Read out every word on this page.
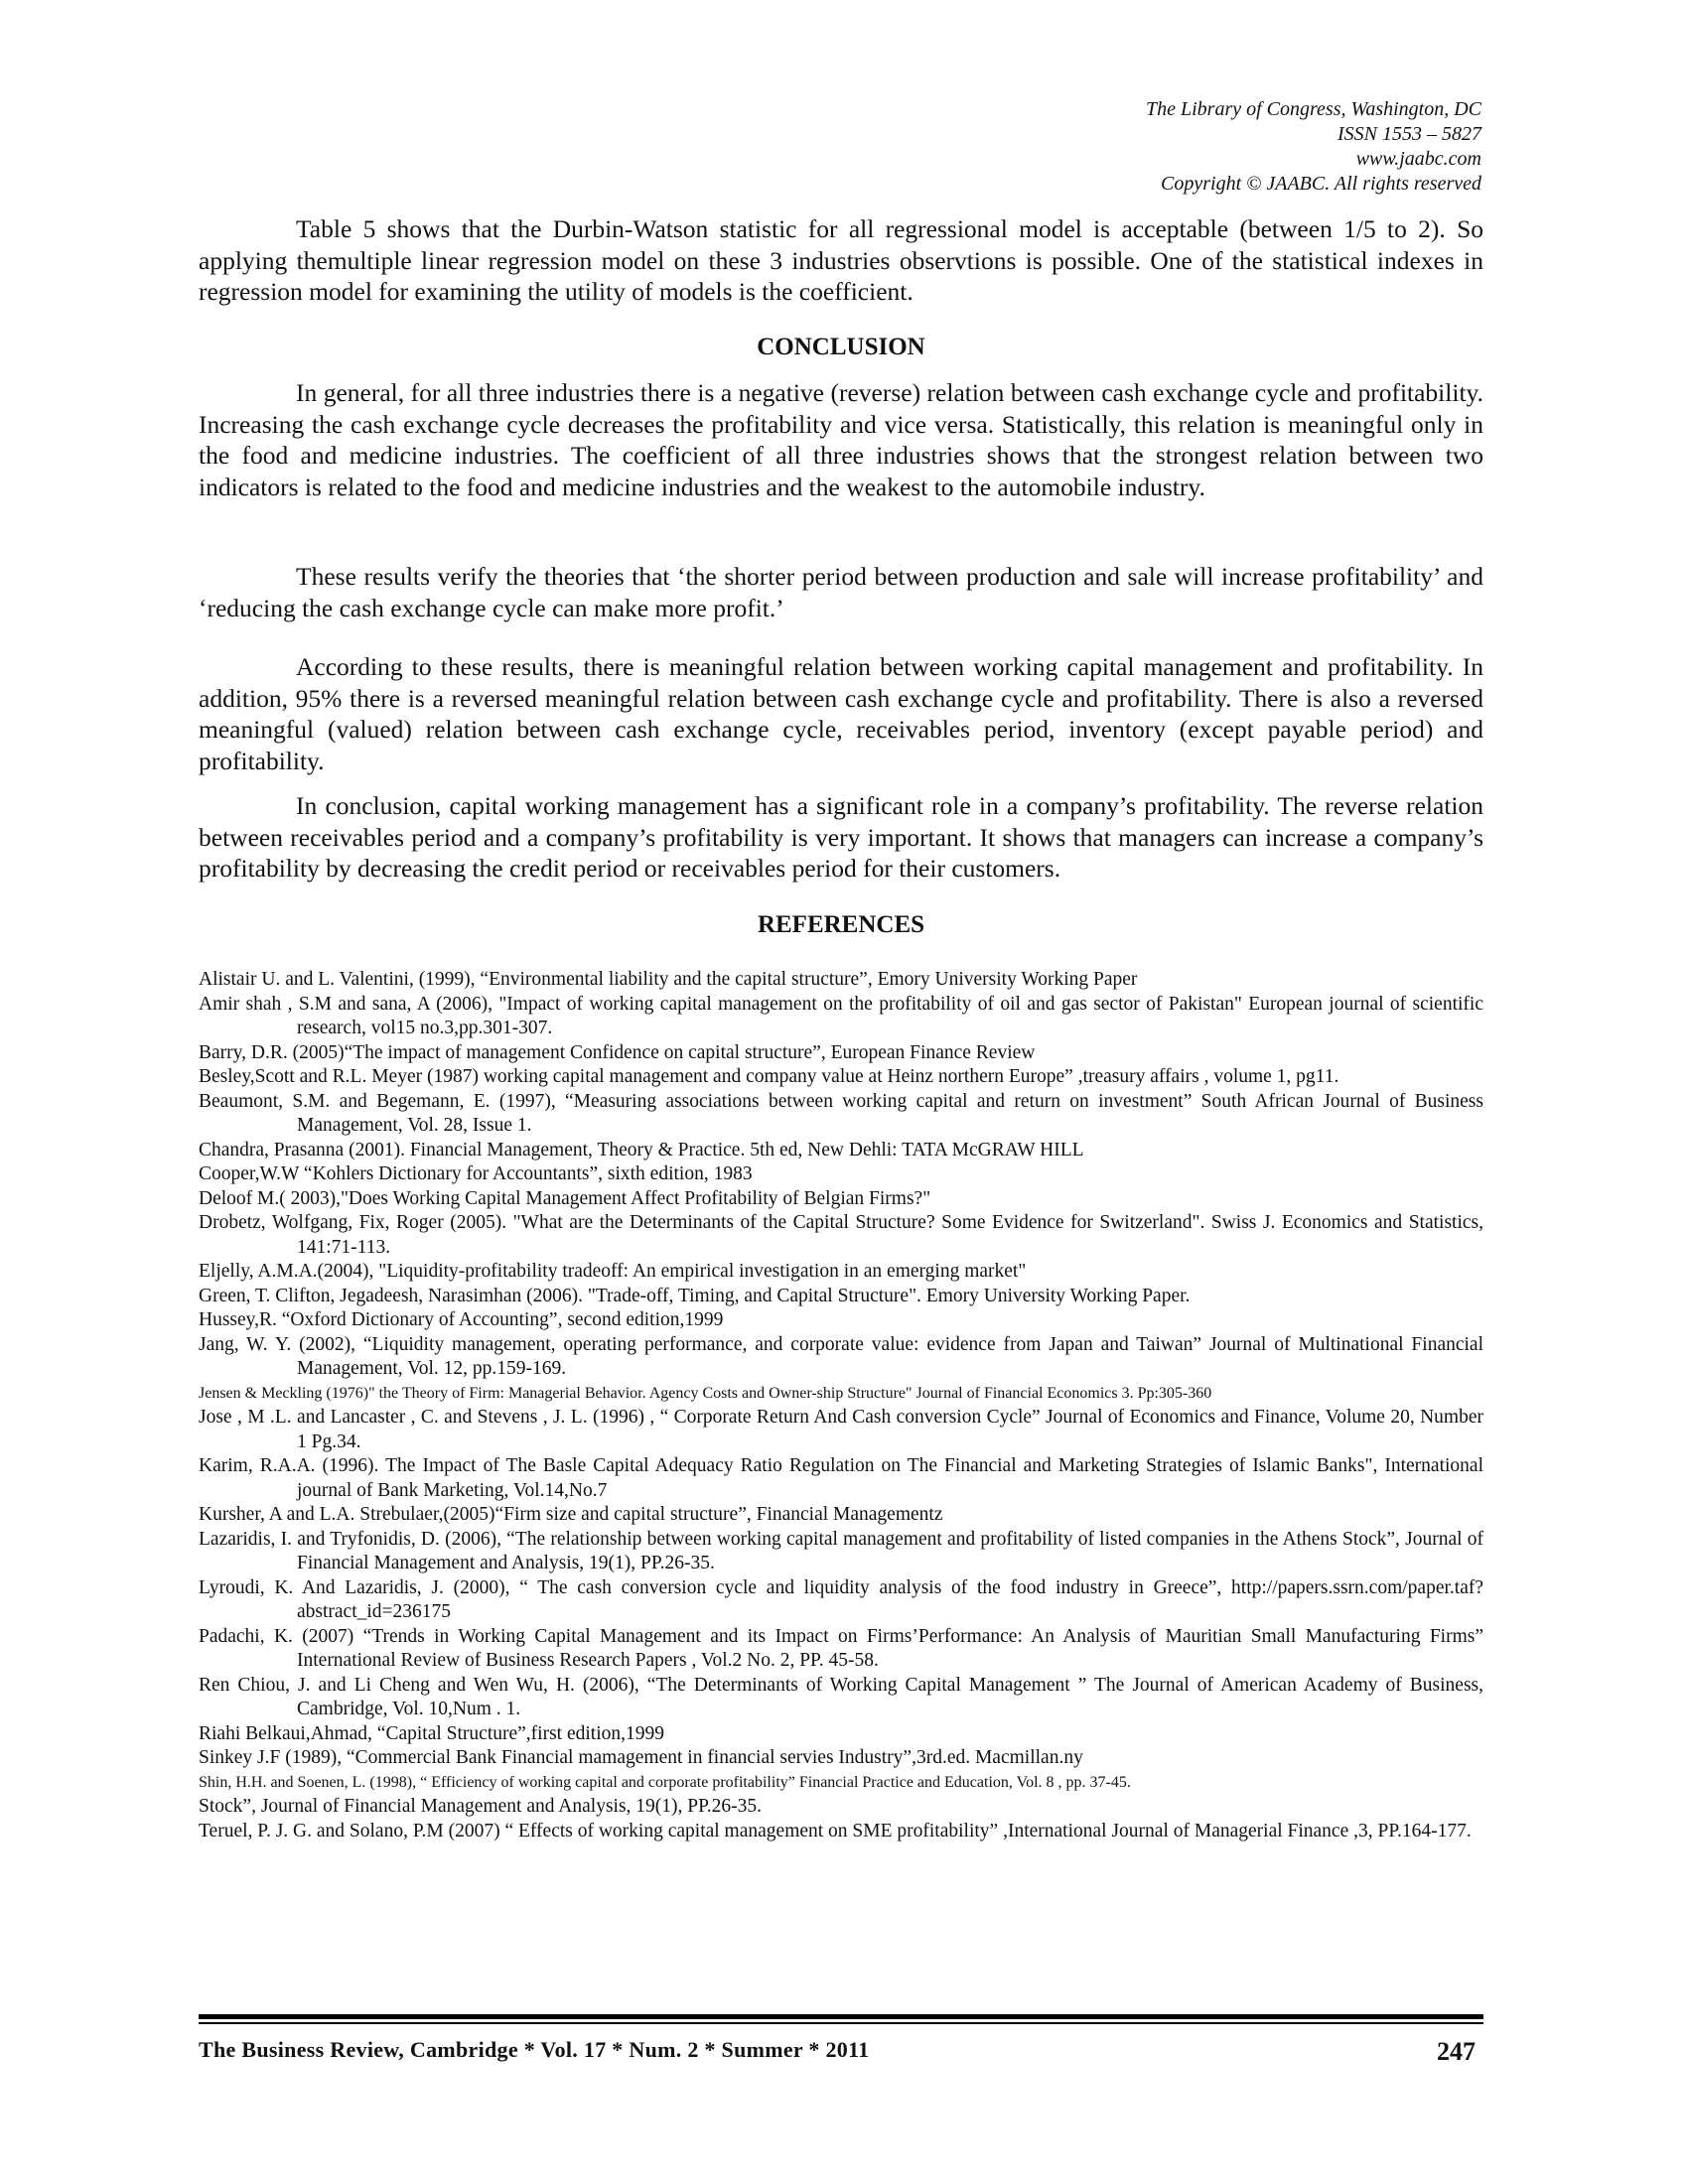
The Library of Congress, Washington, DC
ISSN 1553 – 5827
www.jaabc.com
Copyright © JAABC. All rights reserved

Table 5 shows that the Durbin-Watson statistic for all regressional model is acceptable (between 1/5 to 2). So applying themultiple linear regression model on these 3 industries observtions is possible. One of the statistical indexes in regression model for examining the utility of models is the coefficient.

CONCLUSION

In general, for all three industries there is a negative (reverse) relation between cash exchange cycle and profitability. Increasing the cash exchange cycle decreases the profitability and vice versa. Statistically, this relation is meaningful only in the food and medicine industries. The coefficient of all three industries shows that the strongest relation between two indicators is related to the food and medicine industries and the weakest to the automobile industry.

These results verify the theories that ‘the shorter period between production and sale will increase profitability’ and ‘reducing the cash exchange cycle can make more profit.’

According to these results, there is meaningful relation between working capital management and profitability. In addition, 95% there is a reversed meaningful relation between cash exchange cycle and profitability. There is also a reversed meaningful (valued) relation between cash exchange cycle, receivables period, inventory (except payable period) and profitability.

In conclusion, capital working management has a significant role in a company’s profitability. The reverse relation between receivables period and a company’s profitability is very important. It shows that managers can increase a company’s profitability by decreasing the credit period or receivables period for their customers.

REFERENCES

Alistair U. and L. Valentini, (1999), “Environmental liability and the capital structure”, Emory University Working Paper

Amir shah , S.M and sana, A (2006), "Impact of working capital management on the profitability of oil and gas sector of Pakistan" European journal of scientific research, vol15 no.3,pp.301-307.

Barry, D.R. (2005)“The impact of management Confidence on capital structure”, European Finance Review

Besley,Scott and R.L. Meyer (1987) working capital management and company value at Heinz northern Europe” ,treasury affairs , volume 1, pg11.

Beaumont, S.M. and Begemann, E. (1997), “Measuring associations between working capital and return on investment” South African Journal of Business Management, Vol. 28, Issue 1.

Chandra, Prasanna (2001). Financial Management, Theory & Practice. 5th ed, New Dehli: TATA McGRAW HILL

Cooper,W.W “Kohlers Dictionary for Accountants”, sixth edition, 1983

Deloof M.( 2003),"Does Working Capital Management Affect Profitability of Belgian Firms?"

Drobetz, Wolfgang, Fix, Roger (2005). "What are the Determinants of the Capital Structure? Some Evidence for Switzerland". Swiss J. Economics and Statistics, 141:71-113.

Eljelly, A.M.A.(2004), "Liquidity-profitability tradeoff: An empirical investigation in an emerging market"

Green, T. Clifton, Jegadeesh, Narasimhan (2006). "Trade-off, Timing, and Capital Structure". Emory University Working Paper.

Hussey,R. “Oxford Dictionary of Accounting”, second edition,1999

Jang, W. Y. (2002), “Liquidity management, operating performance, and corporate value: evidence from Japan and Taiwan” Journal of Multinational Financial Management, Vol. 12, pp.159-169.

Jensen & Meckling (1976)" the Theory of Firm: Managerial Behavior. Agency Costs and Owner-ship Structure" Journal of Financial Economics 3. Pp:305-360

Jose , M .L. and Lancaster , C. and Stevens , J. L. (1996) , “ Corporate Return And Cash conversion Cycle” Journal of Economics and Finance, Volume 20, Number 1 Pg.34.

Karim, R.A.A. (1996). The Impact of The Basle Capital Adequacy Ratio Regulation on The Financial and Marketing Strategies of Islamic Banks", International journal of Bank Marketing, Vol.14,No.7

Kursher, A and L.A. Strebulaer,(2005)“Firm size and capital structure”, Financial Managementz

Lazaridis, I. and Tryfonidis, D. (2006), “The relationship between working capital management and profitability of listed companies in the Athens Stock”, Journal of Financial Management and Analysis, 19(1), PP.26-35.

Lyroudi, K. And Lazaridis, J. (2000), “ The cash conversion cycle and liquidity analysis of the food industry in Greece”, http://papers.ssrn.com/paper.taf? abstract_id=236175

Padachi, K. (2007) “Trends in Working Capital Management and its Impact on Firms’Performance: An Analysis of Mauritian Small Manufacturing Firms” International Review of Business Research Papers , Vol.2 No. 2, PP. 45-58.

Ren Chiou, J. and Li Cheng and Wen Wu, H. (2006), “The Determinants of Working Capital Management ” The Journal of American Academy of Business, Cambridge, Vol. 10,Num . 1.

Riahi Belkaui,Ahmad, “Capital Structure”,first edition,1999

Sinkey J.F (1989), “Commercial Bank Financial mamagement in financial servies Industry”,3rd.ed. Macmillan.ny

Shin, H.H. and Soenen, L. (1998), “ Efficiency of working capital and corporate profitability” Financial Practice and Education, Vol. 8 , pp. 37-45.

Stock”, Journal of Financial Management and Analysis, 19(1), PP.26-35.

Teruel, P. J. G. and Solano, P.M (2007) “ Effects of working capital management on SME profitability” ,International Journal of Managerial Finance ,3, PP.164-177.

The Business Review, Cambridge * Vol. 17 * Num. 2 * Summer * 2011	247
